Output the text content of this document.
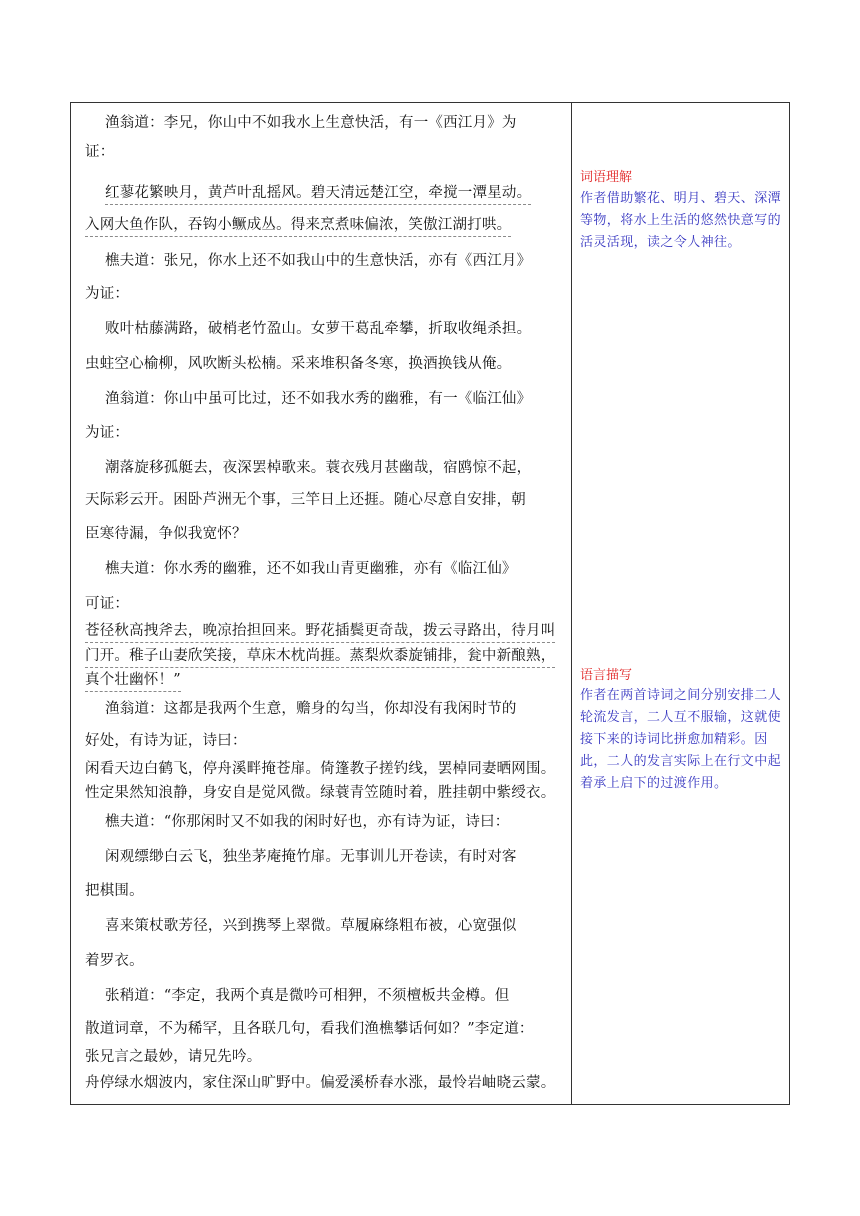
渔翁道：李兄，你山中不如我水上生意快活，有一《西江月》为
证：
红蓼花繁映月，黄芦叶乱摇风。碧天清远楚江空，牵搅一潭星动。
入网大鱼作队，吞钩小鳜成丛。得来烹煮味偏浓，笑傲江湖打哄。
樵夫道：张兄，你水上还不如我山中的生意快活，亦有《西江月》
为证：
败叶枯藤满路，破梢老竹盈山。女萝干葛乱牵攀，折取收绳杀担。
虫蛀空心榆柳，风吹断头松楠。采来堆积备冬寒，换酒换钱从俺。
渔翁道：你山中虽可比过，还不如我水秀的幽雅，有一《临江仙》
为证：
潮落旋移孤艇去，夜深罢棹歌来。蓑衣残月甚幽哉，宿鸥惊不起，
天际彩云开。困卧芦洲无个事，三竿日上还捱。随心尽意自安排，朝
臣寒待漏，争似我宽怀？
樵夫道：你水秀的幽雅，还不如我山青更幽雅，亦有《临江仙》
可证：
苍径秋高拽斧去，晚凉抬担回来。野花插鬓更奇哉，拨云寻路出，待月叫
门开。稚子山妻欣笑接，草床木枕尚捱。蒸梨炊黍旋铺排，瓮中新酿熟，
真个壮幽怀！”
渔翁道：这都是我两个生意，赡身的勾当，你却没有我闲时节的
好处，有诗为证，诗曰：
闲看天边白鹤飞，停舟溪畔掩苍扉。倚篷教子搓钓线，罢棹同妻晒网围。
性定果然知浪静，身安自是觉风微。绿蓑青笠随时着，胜挂朝中紫绶衣。
樵夫道：“你那闲时又不如我的闲时好也，亦有诗为证，诗曰：
闲观缥缈白云飞，独坐茅庵掩竹扉。无事训儿开卷读，有时对客
把棋围。
喜来策杖歌芳径，兴到携琴上翠微。草履麻绦粗布被，心宽强似
着罗衣。
张稍道：“李定，我两个真是微吟可相狎，不须檀板共金樽。但
散道词章，不为稀罕，且各联几句，看我们渔樵攀话何如？”李定道：
张兄言之最妙，请兄先吟。
舟停绿水烟波内，家住深山旷野中。偏爱溪桥春水涨，最怜岩岫晓云蒙。
词语理解
作者借助繁花、明月、碧天、深潭等物，将水上生活的悠然快意写的活灵活现，读之令人神往。
语言描写
作者在两首诗词之间分别安排二人轮流发言，二人互不服输，这就使接下来的诗词比拼愈加精彩。因此，二人的发言实际上在行文中起着承上启下的过渡作用。
